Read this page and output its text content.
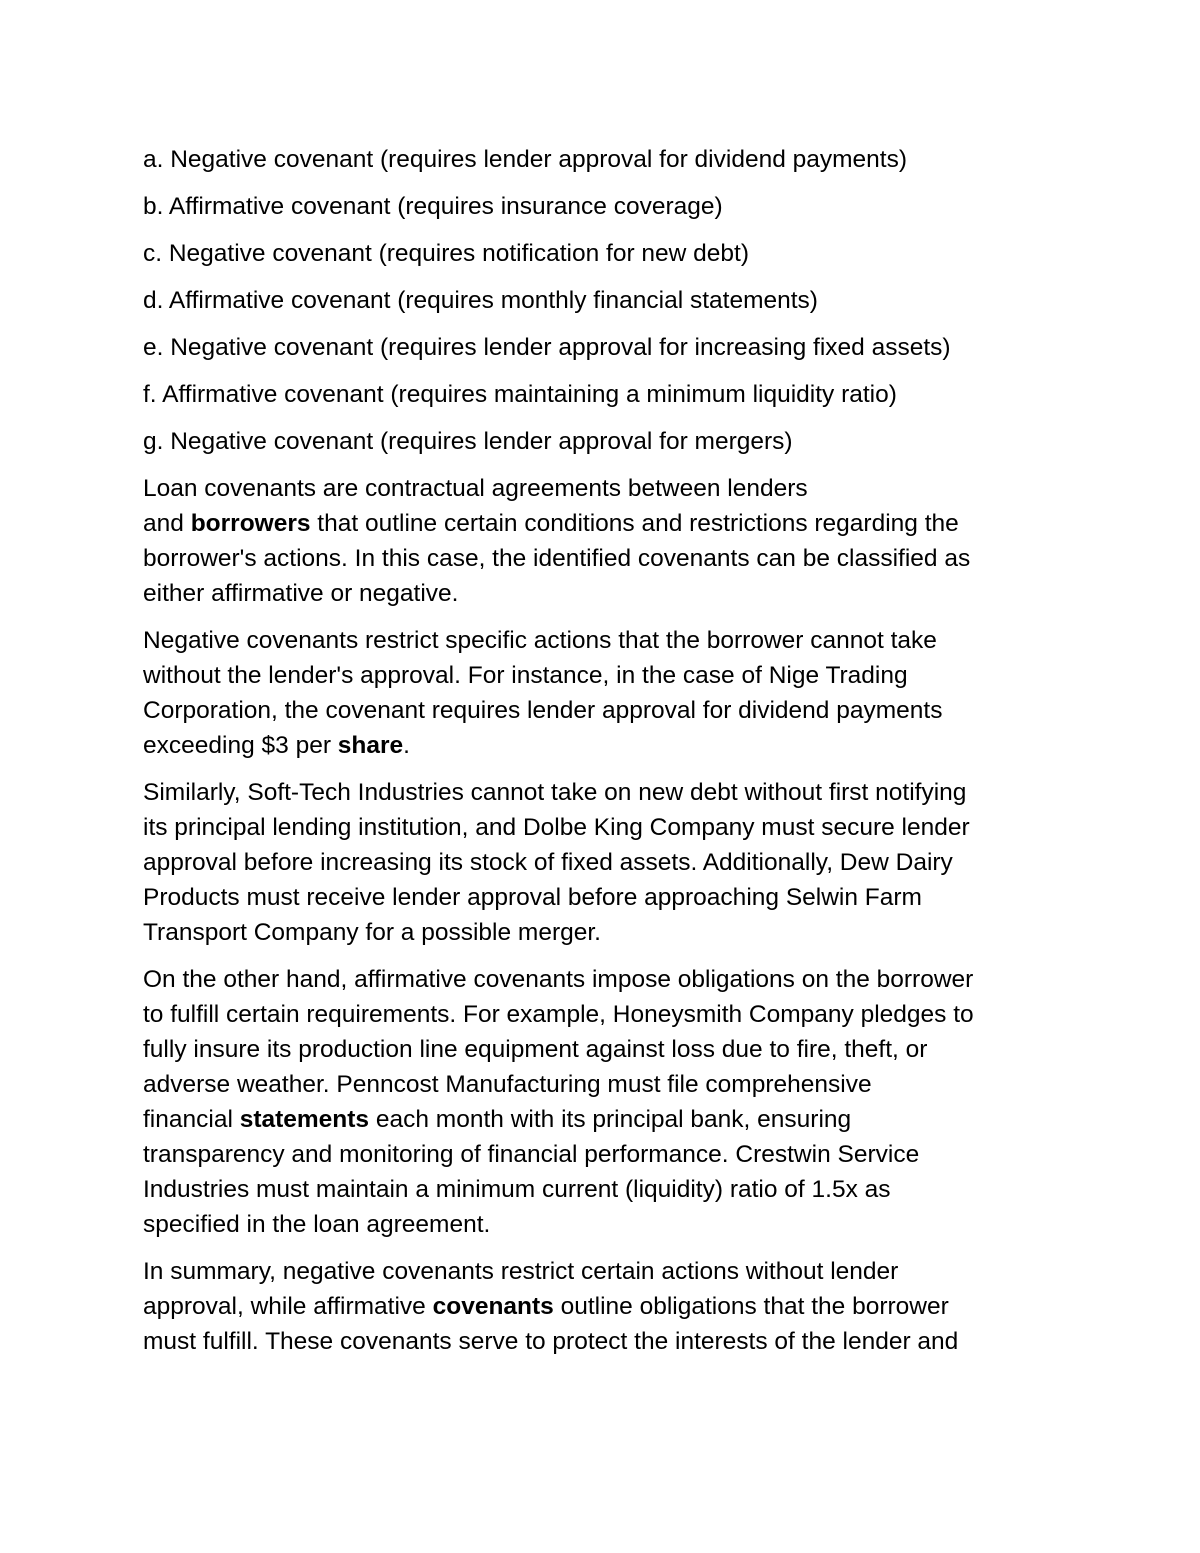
a. Negative covenant (requires lender approval for dividend payments)

b. Affirmative covenant (requires insurance coverage)

c. Negative covenant (requires notification for new debt)

d. Affirmative covenant (requires monthly financial statements)

e. Negative covenant (requires lender approval for increasing fixed assets)

f. Affirmative covenant (requires maintaining a minimum liquidity ratio)

g. Negative covenant (requires lender approval for mergers)

Loan covenants are contractual agreements between lenders
and borrowers that outline certain conditions and restrictions regarding the
borrower's actions. In this case, the identified covenants can be classified as
either affirmative or negative.

Negative covenants restrict specific actions that the borrower cannot take
without the lender's approval. For instance, in the case of Nige Trading
Corporation, the covenant requires lender approval for dividend payments
exceeding $3 per share.

Similarly, Soft-Tech Industries cannot take on new debt without first notifying
its principal lending institution, and Dolbe King Company must secure lender
approval before increasing its stock of fixed assets. Additionally, Dew Dairy
Products must receive lender approval before approaching Selwin Farm
Transport Company for a possible merger.

On the other hand, affirmative covenants impose obligations on the borrower
to fulfill certain requirements. For example, Honeysmith Company pledges to
fully insure its production line equipment against loss due to fire, theft, or
adverse weather. Penncost Manufacturing must file comprehensive
financial statements each month with its principal bank, ensuring
transparency and monitoring of financial performance. Crestwin Service
Industries must maintain a minimum current (liquidity) ratio of 1.5x as
specified in the loan agreement.

In summary, negative covenants restrict certain actions without lender
approval, while affirmative covenants outline obligations that the borrower
must fulfill. These covenants serve to protect the interests of the lender and
